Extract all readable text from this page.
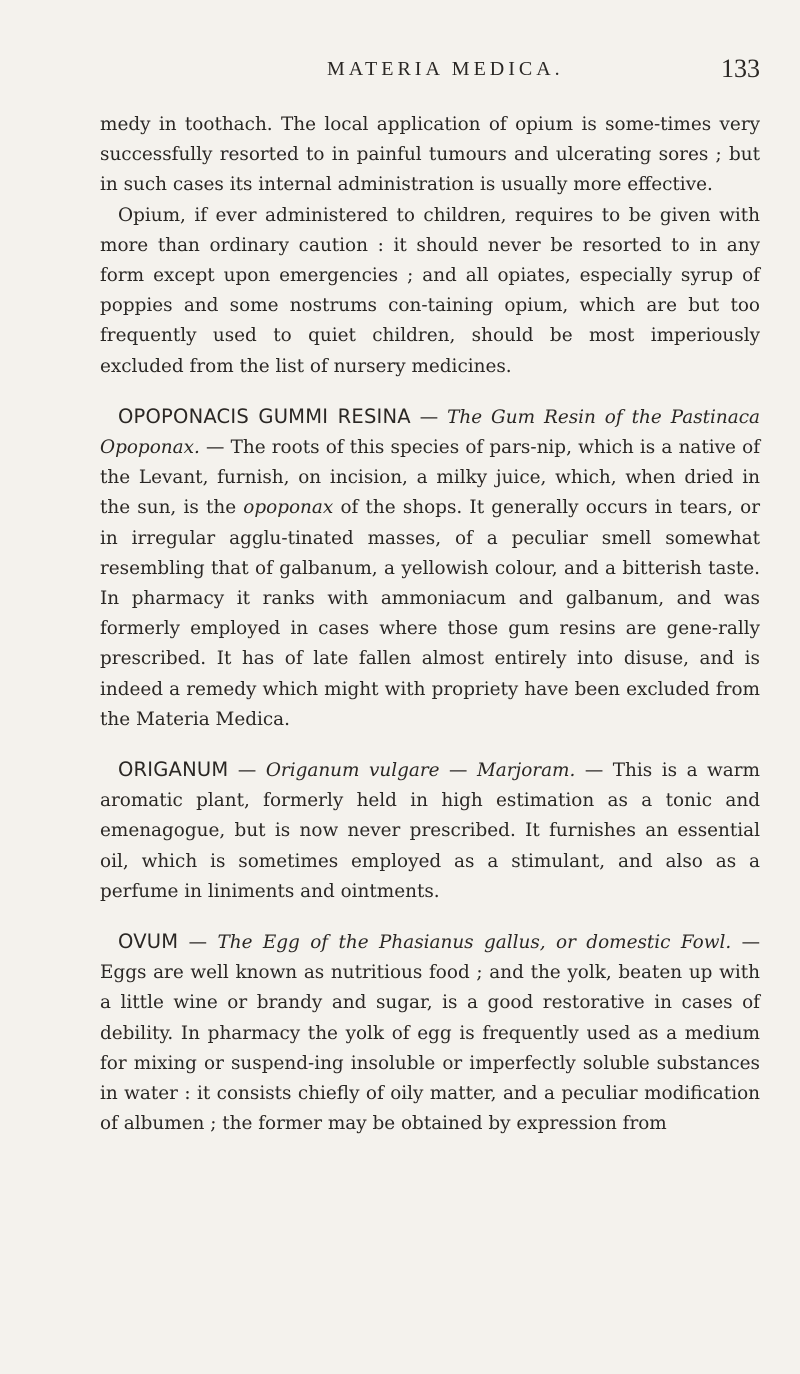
MATERIA MEDICA.	133

medy in toothach. The local application of opium is some-times very successfully resorted to in painful tumours and ulcerating sores ; but in such cases its internal administration is usually more effective.

Opium, if ever administered to children, requires to be given with more than ordinary caution : it should never be resorted to in any form except upon emergencies ; and all opiates, especially syrup of poppies and some nostrums con-taining opium, which are but too frequently used to quiet children, should be most imperiously excluded from the list of nursery medicines.

OPOPONACIS GUMMI RESINA — The Gum Resin of the Pastinaca Opoponax. — The roots of this species of pars-nip, which is a native of the Levant, furnish, on incision, a milky juice, which, when dried in the sun, is the opoponax of the shops. It generally occurs in tears, or in irregular agglu-tinated masses, of a peculiar smell somewhat resembling that of galbanum, a yellowish colour, and a bitterish taste. In pharmacy it ranks with ammoniacum and galbanum, and was formerly employed in cases where those gum resins are gene-rally prescribed. It has of late fallen almost entirely into disuse, and is indeed a remedy which might with propriety have been excluded from the Materia Medica.

ORIGANUM — Origanum vulgare — Marjoram. — This is a warm aromatic plant, formerly held in high estimation as a tonic and emenagogue, but is now never prescribed. It furnishes an essential oil, which is sometimes employed as a stimulant, and also as a perfume in liniments and ointments.

OVUM — The Egg of the Phasianus gallus, or domestic Fowl. — Eggs are well known as nutritious food ; and the yolk, beaten up with a little wine or brandy and sugar, is a good restorative in cases of debility. In pharmacy the yolk of egg is frequently used as a medium for mixing or suspend-ing insoluble or imperfectly soluble substances in water : it consists chiefly of oily matter, and a peculiar modification of albumen ; the former may be obtained by expression from
